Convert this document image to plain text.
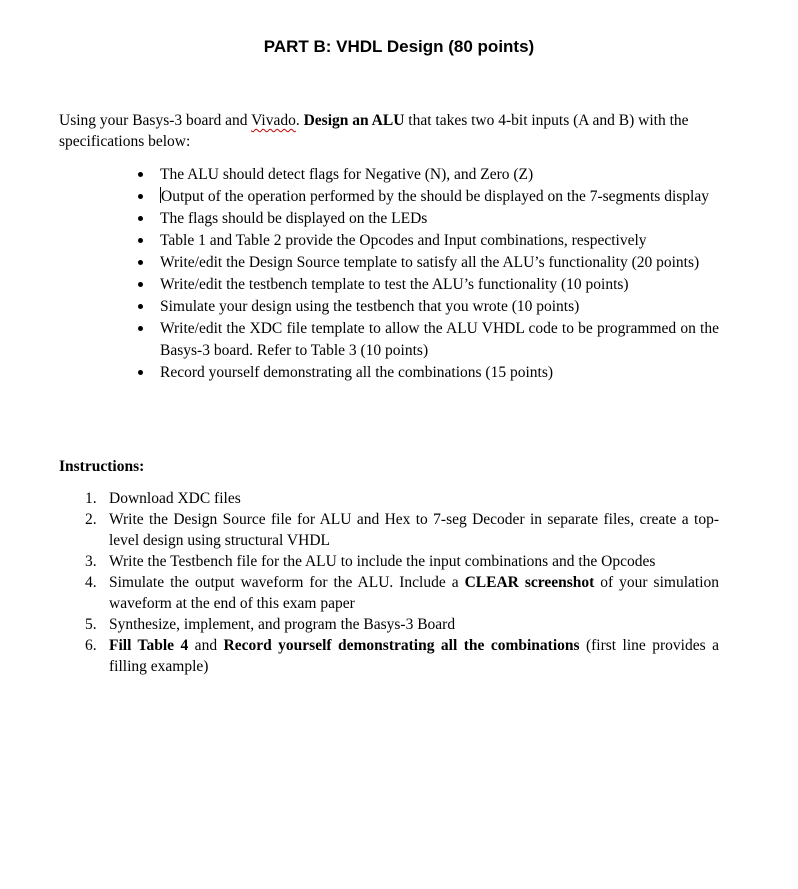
PART B: VHDL Design (80 points)

Using your Basys-3 board and Vivado. Design an ALU that takes two 4-bit inputs (A and B) with the specifications below:

The ALU should detect flags for Negative (N), and Zero (Z)
Output of the operation performed by the should be displayed on the 7-segments display
The flags should be displayed on the LEDs
Table 1 and Table 2 provide the Opcodes and Input combinations, respectively
Write/edit the Design Source template to satisfy all the ALU’s functionality (20 points)
Write/edit the testbench template to test the ALU’s functionality (10 points)
Simulate your design using the testbench that you wrote (10 points)
Write/edit the XDC file template to allow the ALU VHDL code to be programmed on the Basys-3 board. Refer to Table 3 (10 points)
Record yourself demonstrating all the combinations (15 points)
Instructions:
1. Download XDC files
2. Write the Design Source file for ALU and Hex to 7-seg Decoder in separate files, create a top-level design using structural VHDL
3. Write the Testbench file for the ALU to include the input combinations and the Opcodes
4. Simulate the output waveform for the ALU. Include a CLEAR screenshot of your simulation waveform at the end of this exam paper
5. Synthesize, implement, and program the Basys-3 Board
6. Fill Table 4 and Record yourself demonstrating all the combinations (first line provides a filling example)
